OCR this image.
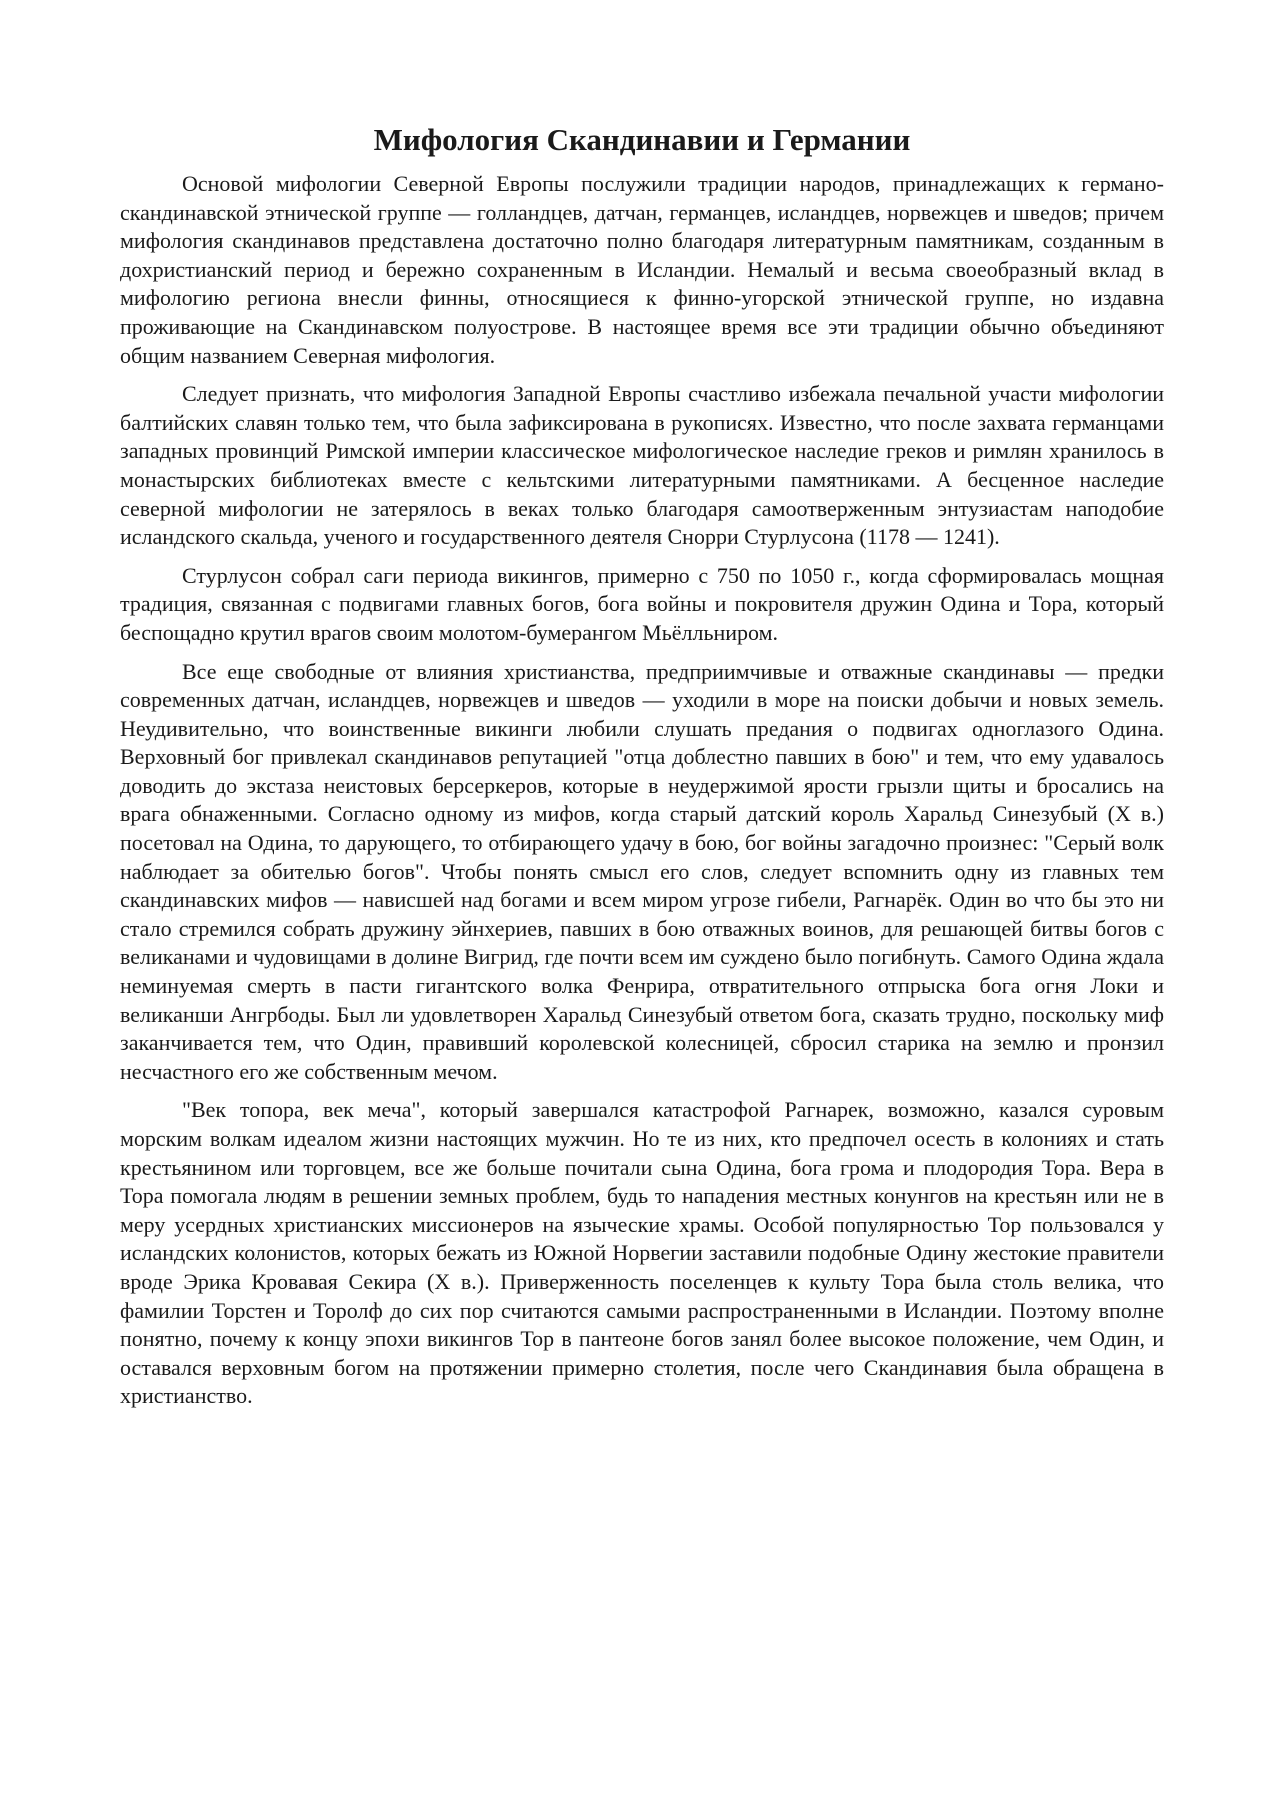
Мифология Скандинавии и Германии

Основой мифологии Северной Европы послужили традиции народов, принадлежащих к германо-скандинавской этнической группе — голландцев, датчан, германцев, исландцев, норвежцев и шведов; причем мифология скандинавов представлена достаточно полно благодаря литературным памятникам, созданным в дохристианский период и бережно сохраненным в Исландии. Немалый и весьма своеобразный вклад в мифологию региона внесли финны, относящиеся к финно-угорской этнической группе, но издавна проживающие на Скандинавском полуострове. В настоящее время все эти традиции обычно объединяют общим названием Северная мифология.

Следует признать, что мифология Западной Европы счастливо избежала печальной участи мифологии балтийских славян только тем, что была зафиксирована в рукописях. Известно, что после захвата германцами западных провинций Римской империи классическое мифологическое наследие греков и римлян хранилось в монастырских библиотеках вместе с кельтскими литературными памятниками. А бесценное наследие северной мифологии не затерялось в веках только благодаря самоотверженным энтузиастам наподобие исландского скальда, ученого и государственного деятеля Снорри Стурлусона (1178 — 1241).

Стурлусон собрал саги периода викингов, примерно с 750 по 1050 г., когда сформировалась мощная традиция, связанная с подвигами главных богов, бога войны и покровителя дружин Одина и Тора, который беспощадно крутил врагов своим молотом-бумерангом Мьёлльниром.

Все еще свободные от влияния христианства, предприимчивые и отважные скандинавы — предки современных датчан, исландцев, норвежцев и шведов — уходили в море на поиски добычи и новых земель. Неудивительно, что воинственные викинги любили слушать предания о подвигах одноглазого Одина. Верховный бог привлекал скандинавов репутацией "отца доблестно павших в бою" и тем, что ему удавалось доводить до экстаза неистовых берсеркеров, которые в неудержимой ярости грызли щиты и бросались на врага обнаженными. Согласно одному из мифов, когда старый датский король Харальд Синезубый (X в.) посетовал на Одина, то дарующего, то отбирающего удачу в бою, бог войны загадочно произнес: "Серый волк наблюдает за обителью богов". Чтобы понять смысл его слов, следует вспомнить одну из главных тем скандинавских мифов — нависшей над богами и всем миром угрозе гибели, Рагнарёк. Один во что бы это ни стало стремился собрать дружину эйнхериев, павших в бою отважных воинов, для решающей битвы богов с великанами и чудовищами в долине Вигрид, где почти всем им суждено было погибнуть. Самого Одина ждала неминуемая смерть в пасти гигантского волка Фенрира, отвратительного отпрыска бога огня Локи и великанши Ангрбоды. Был ли удовлетворен Харальд Синезубый ответом бога, сказать трудно, поскольку миф заканчивается тем, что Один, правивший королевской колесницей, сбросил старика на землю и пронзил несчастного его же собственным мечом.

"Век топора, век меча", который завершался катастрофой Рагнарек, возможно, казался суровым морским волкам идеалом жизни настоящих мужчин. Но те из них, кто предпочел осесть в колониях и стать крестьянином или торговцем, все же больше почитали сына Одина, бога грома и плодородия Тора. Вера в Тора помогала людям в решении земных проблем, будь то нападения местных конунгов на крестьян или не в меру усердных христианских миссионеров на языческие храмы. Особой популярностью Тор пользовался у исландских колонистов, которых бежать из Южной Норвегии заставили подобные Одину жестокие правители вроде Эрика Кровавая Секира (X в.). Приверженность поселенцев к культу Тора была столь велика, что фамилии Торстен и Торолф до сих пор считаются самыми распространенными в Исландии. Поэтому вполне понятно, почему к концу эпохи викингов Тор в пантеоне богов занял более высокое положение, чем Один, и оставался верховным богом на протяжении примерно столетия, после чего Скандинавия была обращена в христианство.
